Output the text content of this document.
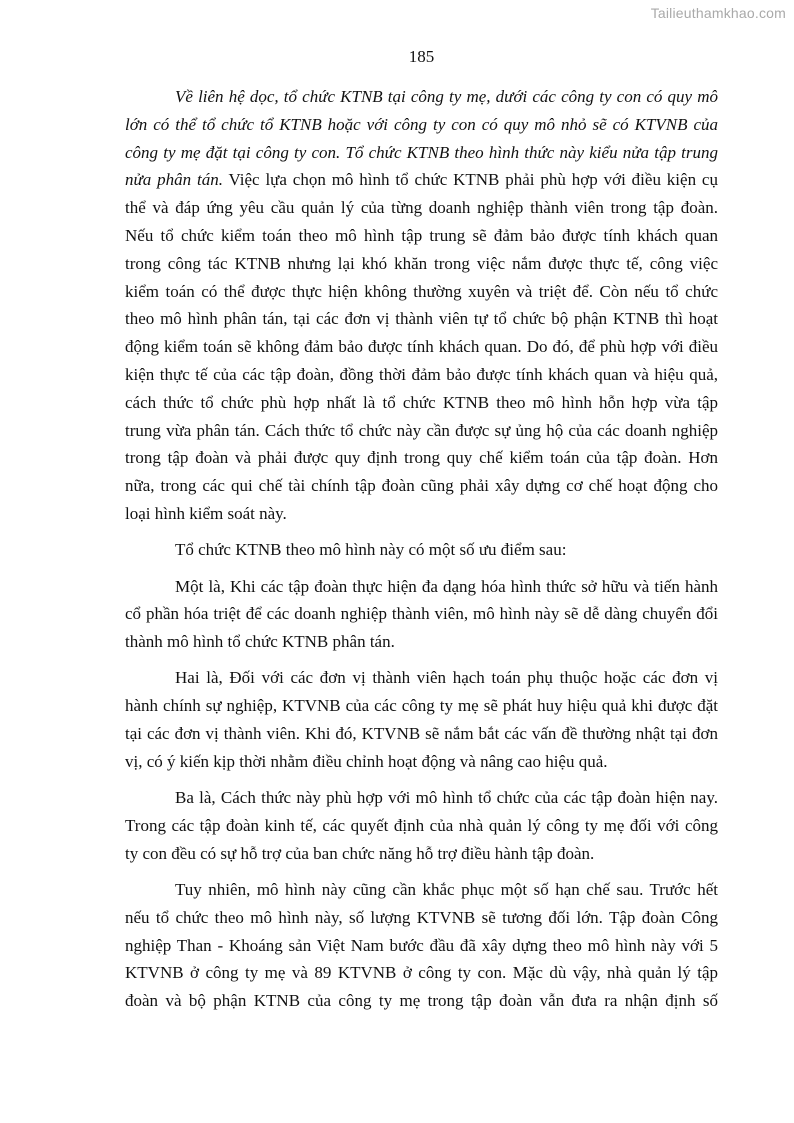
Tailieuthamkhao.com
185
Về liên hệ dọc, tổ chức KTNB tại công ty mẹ, dưới các công ty con có quy mô
lớn có thể tổ chức tổ KTNB hoặc với công ty con có quy mô nhỏ sẽ có KTVNB của
công ty mẹ đặt tại công ty con. Tổ chức KTNB theo hình thức này kiểu nửa tập trung
nửa phân tán. Việc lựa chọn mô hình tổ chức KTNB phải phù hợp với điều kiện cụ
thể và đáp ứng yêu cầu quản lý của từng doanh nghiệp thành viên trong tập đoàn.
Nếu tổ chức kiểm toán theo mô hình tập trung sẽ đảm bảo được tính khách quan
trong công tác KTNB nhưng lại khó khăn trong việc nắm được thực tế, công việc
kiểm toán có thể được thực hiện không thường xuyên và triệt để. Còn nếu tổ chức
theo mô hình phân tán, tại các đơn vị thành viên tự tổ chức bộ phận KTNB thì hoạt
động kiểm toán sẽ không đảm bảo được tính khách quan. Do đó, để phù hợp với điều
kiện thực tế của các tập đoàn, đồng thời đảm bảo được tính khách quan và hiệu quả,
cách thức tổ chức phù hợp nhất là tổ chức KTNB theo mô hình hỗn hợp vừa tập
trung vừa phân tán. Cách thức tổ chức này cần được sự ủng hộ của các doanh nghiệp
trong tập đoàn và phải được quy định trong quy chế kiểm toán của tập đoàn. Hơn
nữa, trong các qui chế tài chính tập đoàn cũng phải xây dựng cơ chế hoạt động cho
loại hình kiểm soát này.
Tổ chức KTNB theo mô hình này có một số ưu điểm sau:
Một là, Khi các tập đoàn thực hiện đa dạng hóa hình thức sở hữu và tiến hành
cổ phần hóa triệt để các doanh nghiệp thành viên, mô hình này sẽ dễ dàng chuyển đổi
thành mô hình tổ chức KTNB phân tán.
Hai là, Đối với các đơn vị thành viên hạch toán phụ thuộc hoặc các đơn vị
hành chính sự nghiệp, KTVNB của các công ty mẹ sẽ phát huy hiệu quả khi được đặt
tại các đơn vị thành viên. Khi đó, KTVNB sẽ nắm bắt các vấn đề thường nhật tại đơn
vị, có ý kiến kịp thời nhằm điều chỉnh hoạt động và nâng cao hiệu quả.
Ba là, Cách thức này phù hợp với mô hình tổ chức của các tập đoàn hiện nay.
Trong các tập đoàn kinh tế, các quyết định của nhà quản lý công ty mẹ đối với công
ty con đều có sự hỗ trợ của ban chức năng hỗ trợ điều hành tập đoàn.
Tuy nhiên, mô hình này cũng cần khắc phục một số hạn chế sau. Trước hết
nếu tổ chức theo mô hình này, số lượng KTVNB sẽ tương đối lớn. Tập đoàn Công
nghiệp Than - Khoáng sản Việt Nam bước đầu đã xây dựng theo mô hình này với 5
KTVNB ở công ty mẹ và 89 KTVNB ở công ty con. Mặc dù vậy, nhà quản lý tập
đoàn và bộ phận KTNB của công ty mẹ trong tập đoàn vẫn đưa ra nhận định số
